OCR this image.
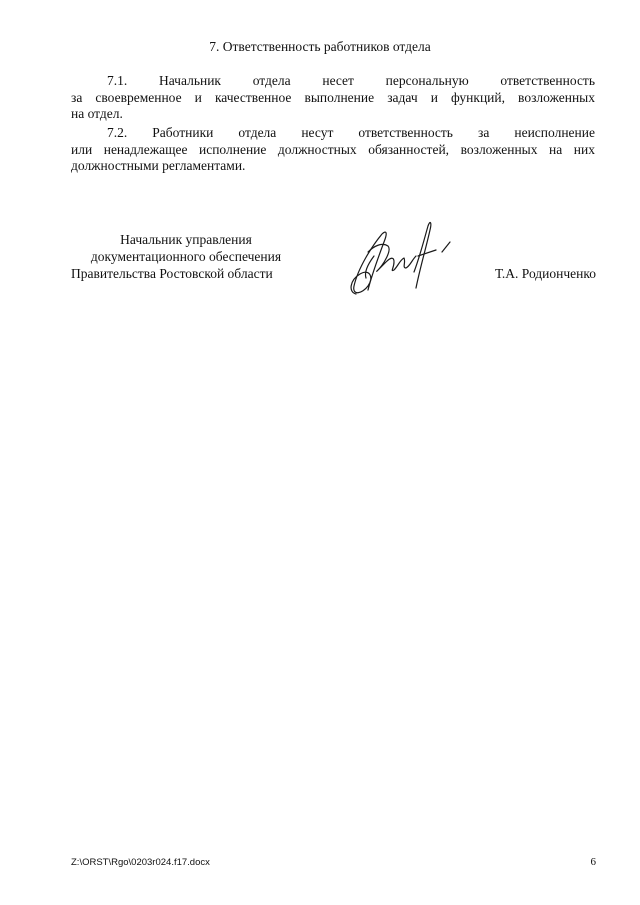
7. Ответственность работников отдела
7.1. Начальник отдела несет персональную ответственность
за своевременное и качественное выполнение задач и функций, возложенных
на отдел.
7.2. Работники отдела несут ответственность за неисполнение
или ненадлежащее исполнение должностных обязанностей, возложенных на них
должностными регламентами.
Начальник управления
документационного обеспечения
Правительства Ростовской области	Т.А. Родионченко
Z:\ORST\Rgo\0203r024.f17.docx	6
